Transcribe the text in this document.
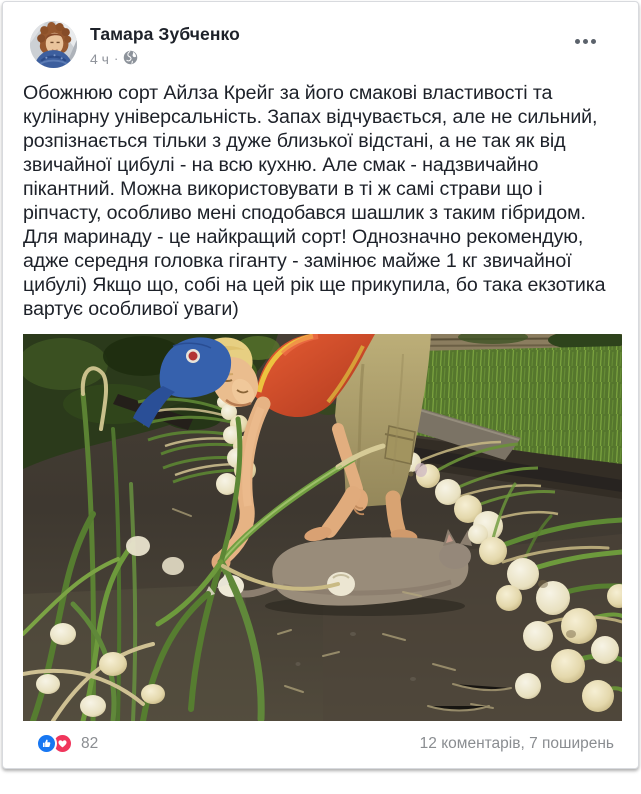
Тамара Зубченко
4 ч ·
Обожнюю сорт Айлза Крейг за його смакові властивості та кулінарну універсальність. Запах відчувається, але не сильний, розпізнається тільки з дуже близької відстані, а не так як від звичайної цибулі - на всю кухню. Але смак - надзвичайно пікантний. Можна використовувати в ті ж самі страви що і ріпчасту, особливо мені сподобався шашлик з таким гібридом. Для маринаду - це найкращий сорт! Однозначно рекомендую, адже середня головка гіганту - замінює майже 1 кг звичайної цибулі) Якщо що, собі на цей рік ще прикупила, бо така екзотика вартує особливої уваги)
82	12 коментарів, 7 поширень
